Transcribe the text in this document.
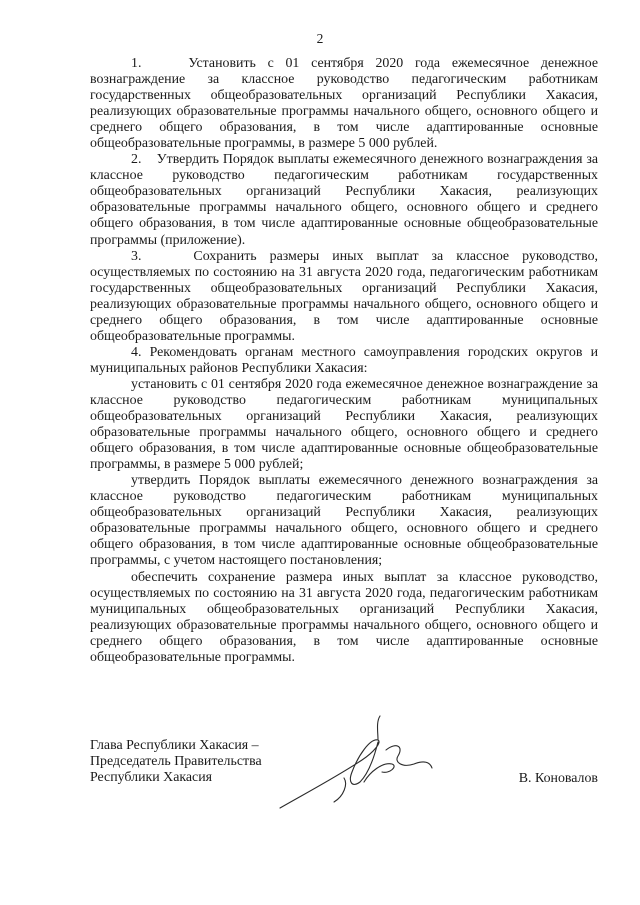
2

1.    Установить с 01 сентября 2020 года ежемесячное денежное вознаграждение за классное руководство педагогическим работникам государственных общеобразовательных организаций Республики Хакасия, реализующих образовательные программы начального общего, основного общего и среднего общего образования, в том числе адаптированные основные общеобразовательные программы, в размере 5 000 рублей.

2.    Утвердить Порядок выплаты ежемесячного денежного вознаграждения за классное руководство педагогическим работникам государственных общеобразовательных организаций Республики Хакасия, реализующих образовательные программы начального общего, основного общего и среднего общего образования, в том числе адаптированные основные общеобразовательные программы (приложение).

3.    Сохранить размеры иных выплат за классное руководство, осуществляемых по состоянию на 31 августа 2020 года, педагогическим работникам государственных общеобразовательных организаций Республики Хакасия, реализующих образовательные программы начального общего, основного общего и среднего общего образования, в том числе адаптированные основные общеобразовательные программы.

4. Рекомендовать органам местного самоуправления городских округов и муниципальных районов Республики Хакасия:

установить с 01 сентября 2020 года ежемесячное денежное вознаграждение за классное руководство педагогическим работникам муниципальных общеобразовательных организаций Республики Хакасия, реализующих образовательные программы начального общего, основного общего и среднего общего образования, в том числе адаптированные основные общеобразовательные программы, в размере 5 000 рублей;

утвердить Порядок выплаты ежемесячного денежного вознаграждения за классное руководство педагогическим работникам муниципальных общеобразовательных организаций Республики Хакасия, реализующих образовательные программы начального общего, основного общего и среднего общего образования, в том числе адаптированные основные общеобразовательные программы, с учетом настоящего постановления;

обеспечить сохранение размера иных выплат за классное руководство, осуществляемых по состоянию на 31 августа 2020 года, педагогическим работникам муниципальных общеобразовательных организаций Республики Хакасия, реализующих образовательные программы начального общего, основного общего и среднего общего образования, в том числе адаптированные основные общеобразовательные программы.

Глава Республики Хакасия –
Председатель Правительства
Республики Хакасия	В. Коновалов
